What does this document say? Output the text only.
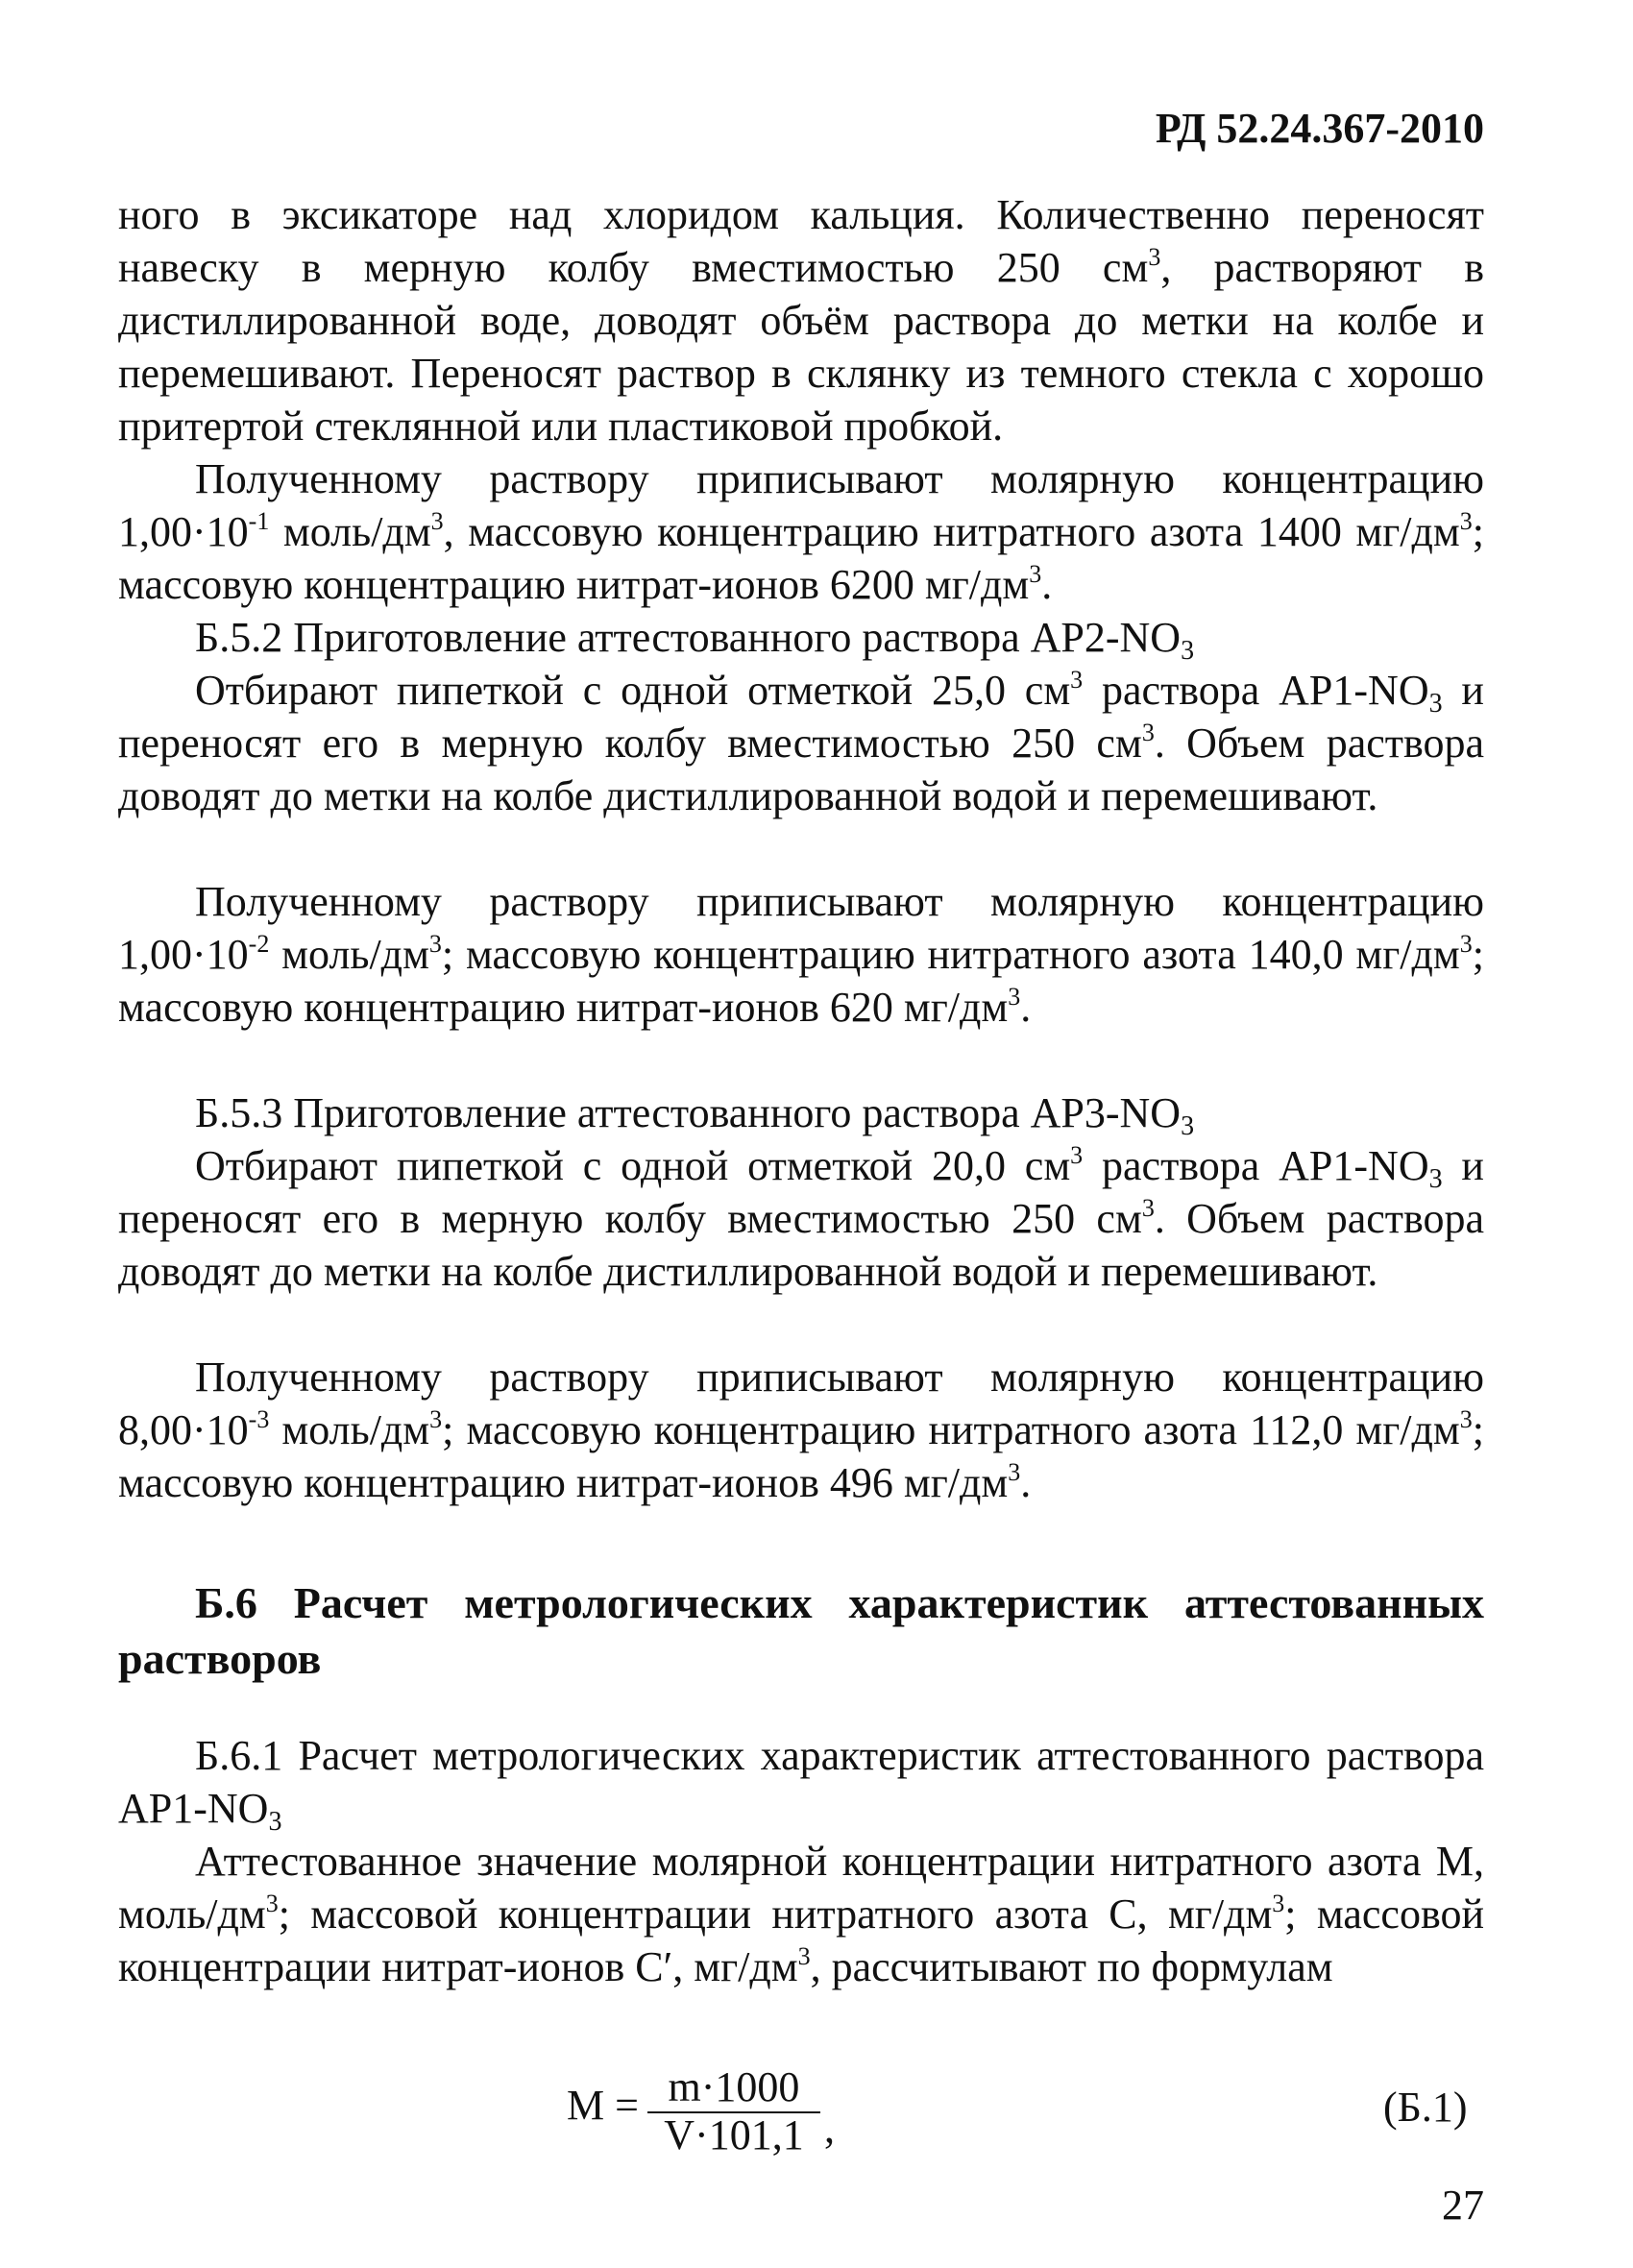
РД 52.24.367-2010

ного в эксикаторе над хлоридом кальция. Количественно переносят навеску в мерную колбу вместимостью 250 $см^3$, растворяют в дистиллированной воде, доводят объём раствора до метки на колбе и перемешивают. Переносят раствор в склянку из темного стекла с хорошо притертой стеклянной или пластиковой пробкой.

Полученному раствору приписывают молярную концентрацию $1,00\cdot 10^{-1}$ моль/$дм^3$, массовую концентрацию нитратного азота 1400 $мг/дм^3$; массовую концентрацию нитрат-ионов 6200 $мг/дм^3$.

Б.5.2 Приготовление аттестованного раствора $АР2-NO_3$

Отбирают пипеткой с одной отметкой 25,0 $см^3$ раствора $АР1-NO_3$ и переносят его в мерную колбу вместимостью 250 $см^3$. Объем раствора доводят до метки на колбе дистиллированной водой и перемешивают.

Полученному раствору приписывают молярную концентрацию $1,00\cdot 10^{-2}$ моль/$дм^3$; массовую концентрацию нитратного азота 140,0 $мг/дм^3$; массовую концентрацию нитрат-ионов 620 $мг/дм^3$.

Б.5.3 Приготовление аттестованного раствора $АР3-NO_3$

Отбирают пипеткой с одной отметкой 20,0 $см^3$ раствора $АР1-NO_3$ и переносят его в мерную колбу вместимостью 250 $см^3$. Объем раствора доводят до метки на колбе дистиллированной водой и перемешивают.

Полученному раствору приписывают молярную концентрацию $8,00\cdot 10^{-3}$ моль/$дм^3$; массовую концентрацию нитратного азота 112,0 $мг/дм^3$; массовую концентрацию нитрат-ионов 496 $мг/дм^3$.

Б.6 Расчет метрологических характеристик аттестованных растворов

Б.6.1 Расчет метрологических характеристик аттестованного раствора $АР1-NO_3$

Аттестованное значение молярной концентрации нитратного азота М, моль/$дм^3$; массовой концентрации нитратного азота С, $мг/дм^3$; массовой концентрации нитрат-ионов С′, $мг/дм^3$, рассчитывают по формулам

$М = \frac{m\cdot 1000}{V\cdot 101,1}$ ,	(Б.1)
27
